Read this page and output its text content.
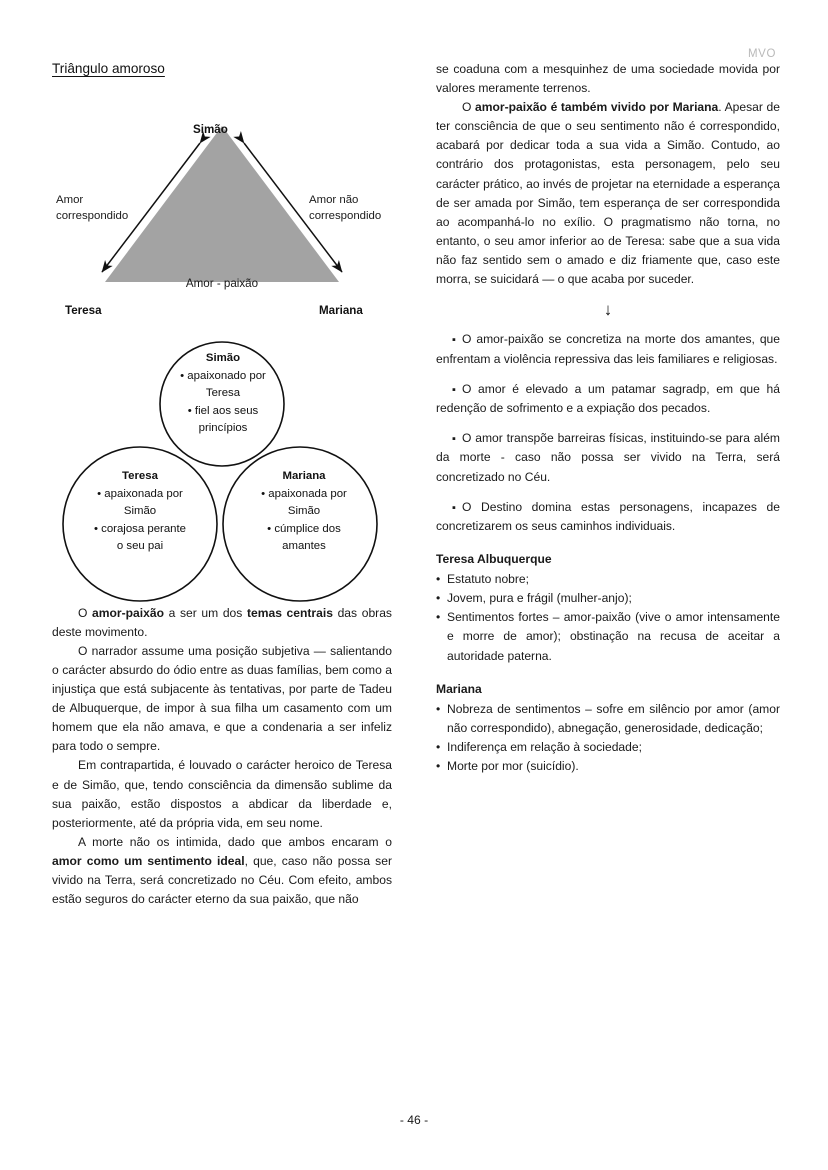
MVO
Triângulo amoroso
Simão
Teresa	Mariana
Amor
correspondido
Amor não
correspondido
Amor - paixão
Simão
• apaixonado por
Teresa
• fiel aos seus
princípios
Teresa
• apaixonada por
Simão
• corajosa perante
o seu pai
Mariana
• apaixonada por
Simão
• cúmplice dos
amantes

O amor-paixão a ser um dos temas centrais das obras deste movimento.

O narrador assume uma posição subjetiva — salientando o carácter absurdo do ódio entre as duas famílias, bem como a injustiça que está subjacente às tentativas, por parte de Tadeu de Albuquerque, de impor à sua filha um casamento com um homem que ela não amava, e que a condenaria a ser infeliz para todo o sempre.

Em contrapartida, é louvado o carácter heroico de Teresa e de Simão, que, tendo consciência da dimensão sublime da sua paixão, estão dispostos a abdicar da liberdade e, posteriormente, até da própria vida, em seu nome.

A morte não os intimida, dado que ambos encaram o amor como um sentimento ideal, que, caso não possa ser vivido na Terra, será concretizado no Céu. Com efeito, ambos estão seguros do carácter eterno da sua paixão, que não

se coaduna com a mesquinhez de uma sociedade movida por valores meramente terrenos.

O amor-paixão é também vivido por Mariana. Apesar de ter consciência de que o seu sentimento não é correspondido, acabará por dedicar toda a sua vida a Simão. Contudo, ao contrário dos protagonistas, esta personagem, pelo seu carácter prático, ao invés de projetar na eternidade a esperança de ser amada por Simão, tem esperança de ser correspondida ao acompanhá-lo no exílio. O pragmatismo não torna, no entanto, o seu amor inferior ao de Teresa: sabe que a sua vida não faz sentido sem o amado e diz friamente que, caso este morra, se suicidará — o que acaba por suceder.

↓
▪O amor-paixão se concretiza na morte dos amantes, que enfrentam a violência repressiva das leis familiares e religiosas.
▪O amor é elevado a um patamar sagradp, em que há redenção de sofrimento e a expiação dos pecados.
▪O amor transpõe barreiras físicas, instituindo-se para além da morte - caso não possa ser vivido na Terra, será concretizado no Céu.
▪O Destino domina estas personagens, incapazes de concretizarem os seus caminhos individuais.
Teresa Albuquerque
• Estatuto nobre;
• Jovem, pura e frágil (mulher-anjo);
• Sentimentos fortes – amor-paixão (vive o amor intensamente e morre de amor); obstinação na recusa de aceitar a autoridade paterna.
Mariana
• Nobreza de sentimentos – sofre em silêncio por amor (amor não correspondido), abnegação, generosidade, dedicação;
• Indiferença em relação à sociedade;
• Morte por mor (suicídio).
- 46 -
